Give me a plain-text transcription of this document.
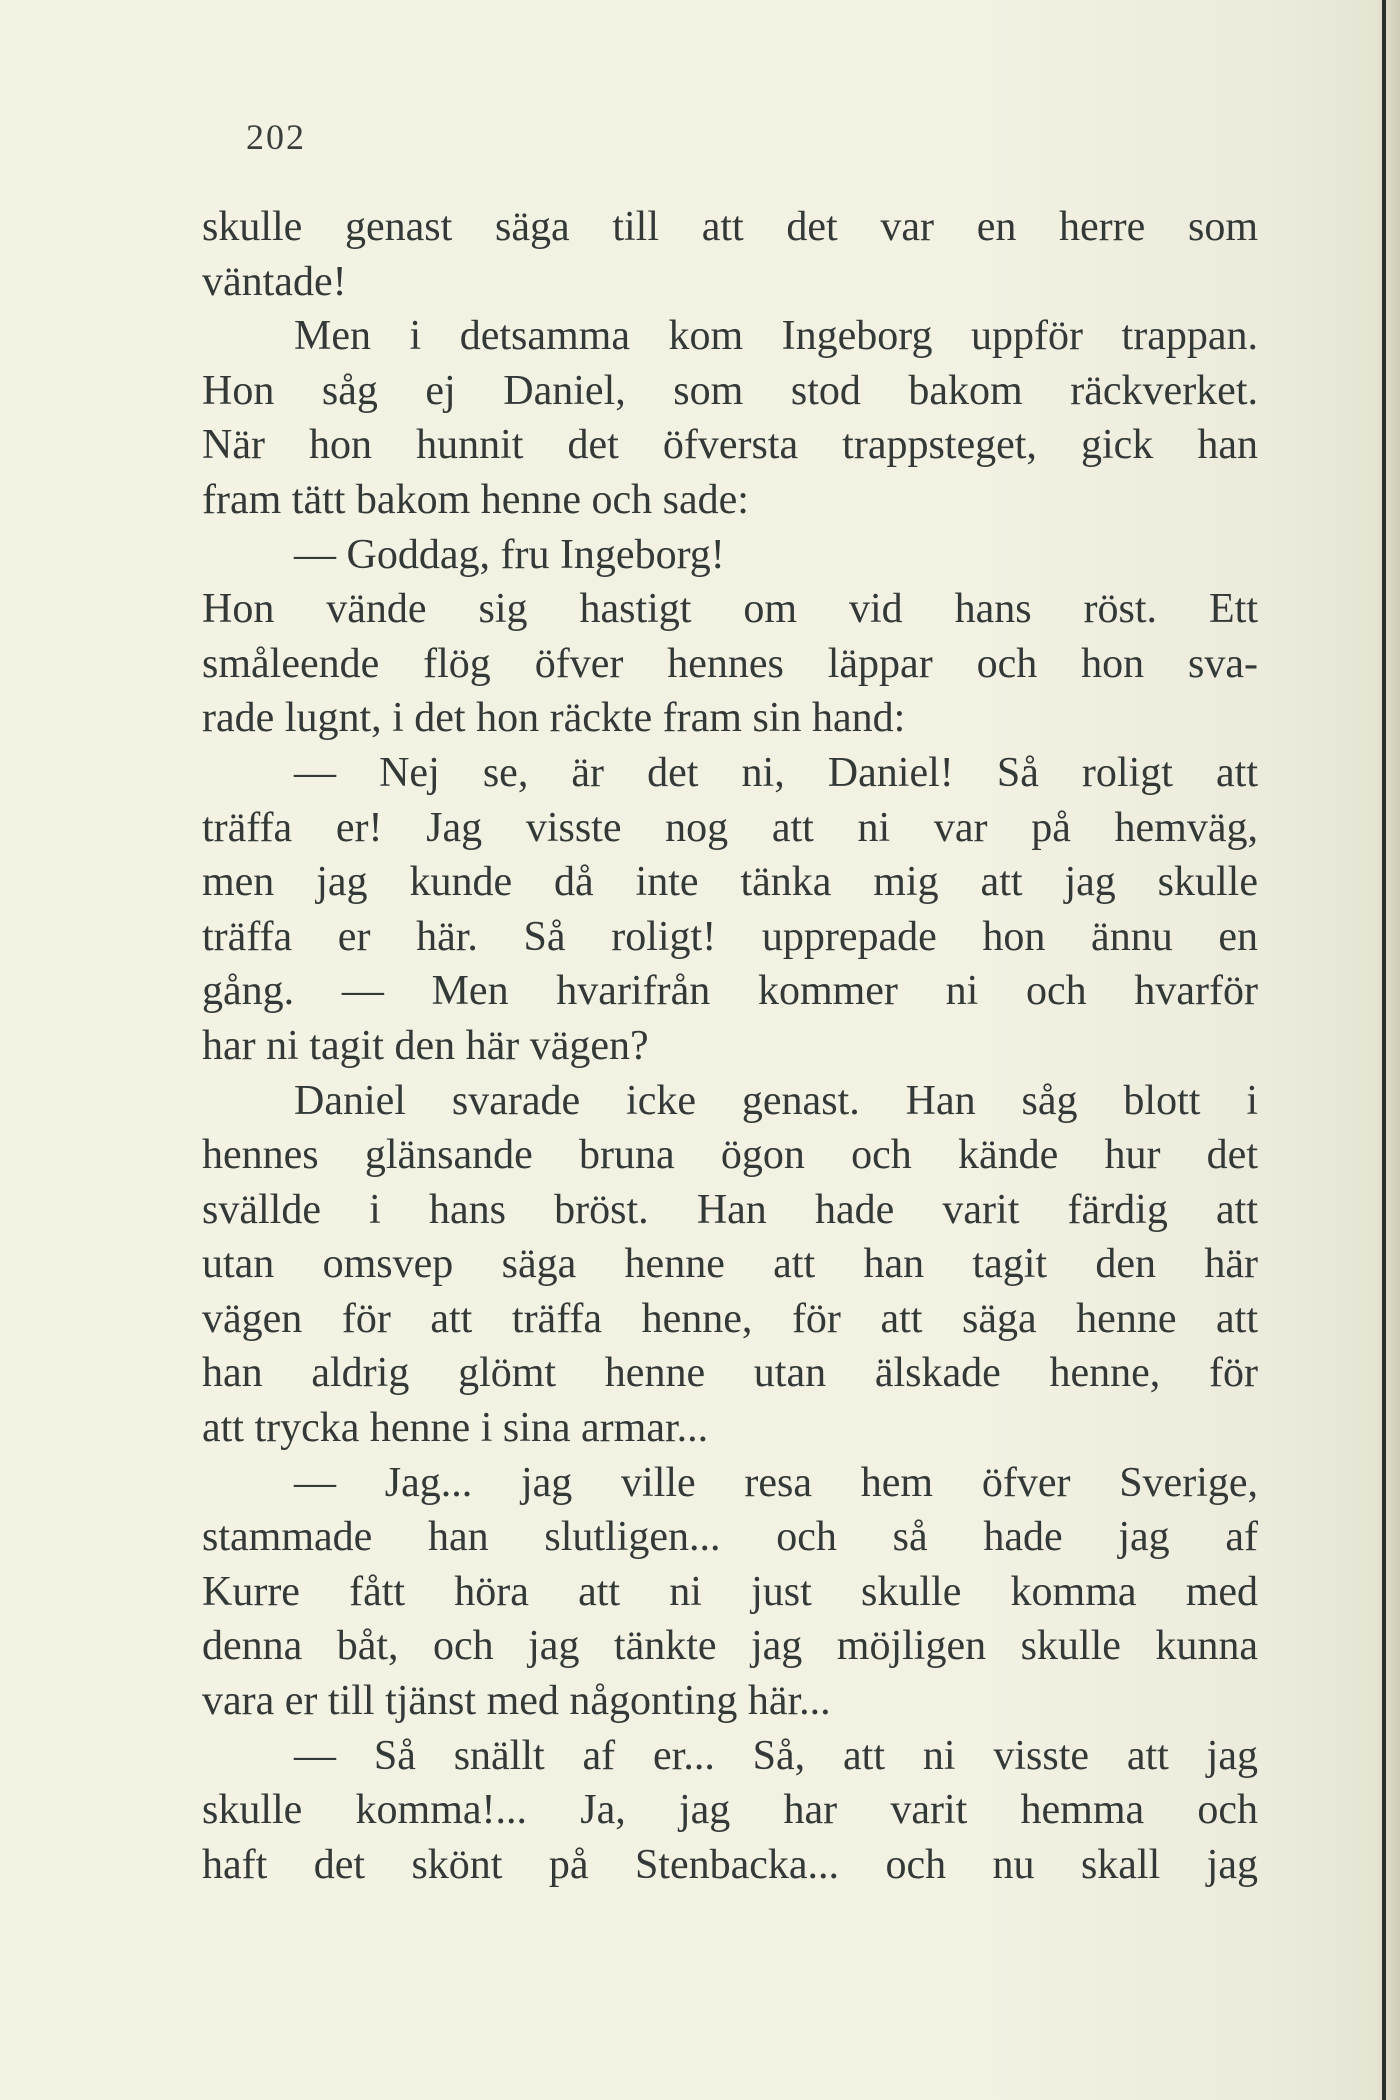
202
skulle genast säga till att det var en herre som
väntade!
Men i detsamma kom Ingeborg uppför trappan.
Hon såg ej Daniel, som stod bakom räckverket.
När hon hunnit det öfversta trappsteget, gick han
fram tätt bakom henne och sade:
— Goddag, fru Ingeborg!
Hon vände sig hastigt om vid hans röst. Ett
småleende flög öfver hennes läppar och hon sva-
rade lugnt, i det hon räckte fram sin hand:
— Nej se, är det ni, Daniel! Så roligt att
träffa er! Jag visste nog att ni var på hemväg,
men jag kunde då inte tänka mig att jag skulle
träffa er här. Så roligt! upprepade hon ännu en
gång. — Men hvarifrån kommer ni och hvarför
har ni tagit den här vägen?
Daniel svarade icke genast. Han såg blott i
hennes glänsande bruna ögon och kände hur det
svällde i hans bröst. Han hade varit färdig att
utan omsvep säga henne att han tagit den här
vägen för att träffa henne, för att säga henne att
han aldrig glömt henne utan älskade henne, för
att trycka henne i sina armar...
— Jag... jag ville resa hem öfver Sverige,
stammade han slutligen... och så hade jag af
Kurre fått höra att ni just skulle komma med
denna båt, och jag tänkte jag möjligen skulle kunna
vara er till tjänst med någonting här...
— Så snällt af er... Så, att ni visste att jag
skulle komma!... Ja, jag har varit hemma och
haft det skönt på Stenbacka... och nu skall jag
